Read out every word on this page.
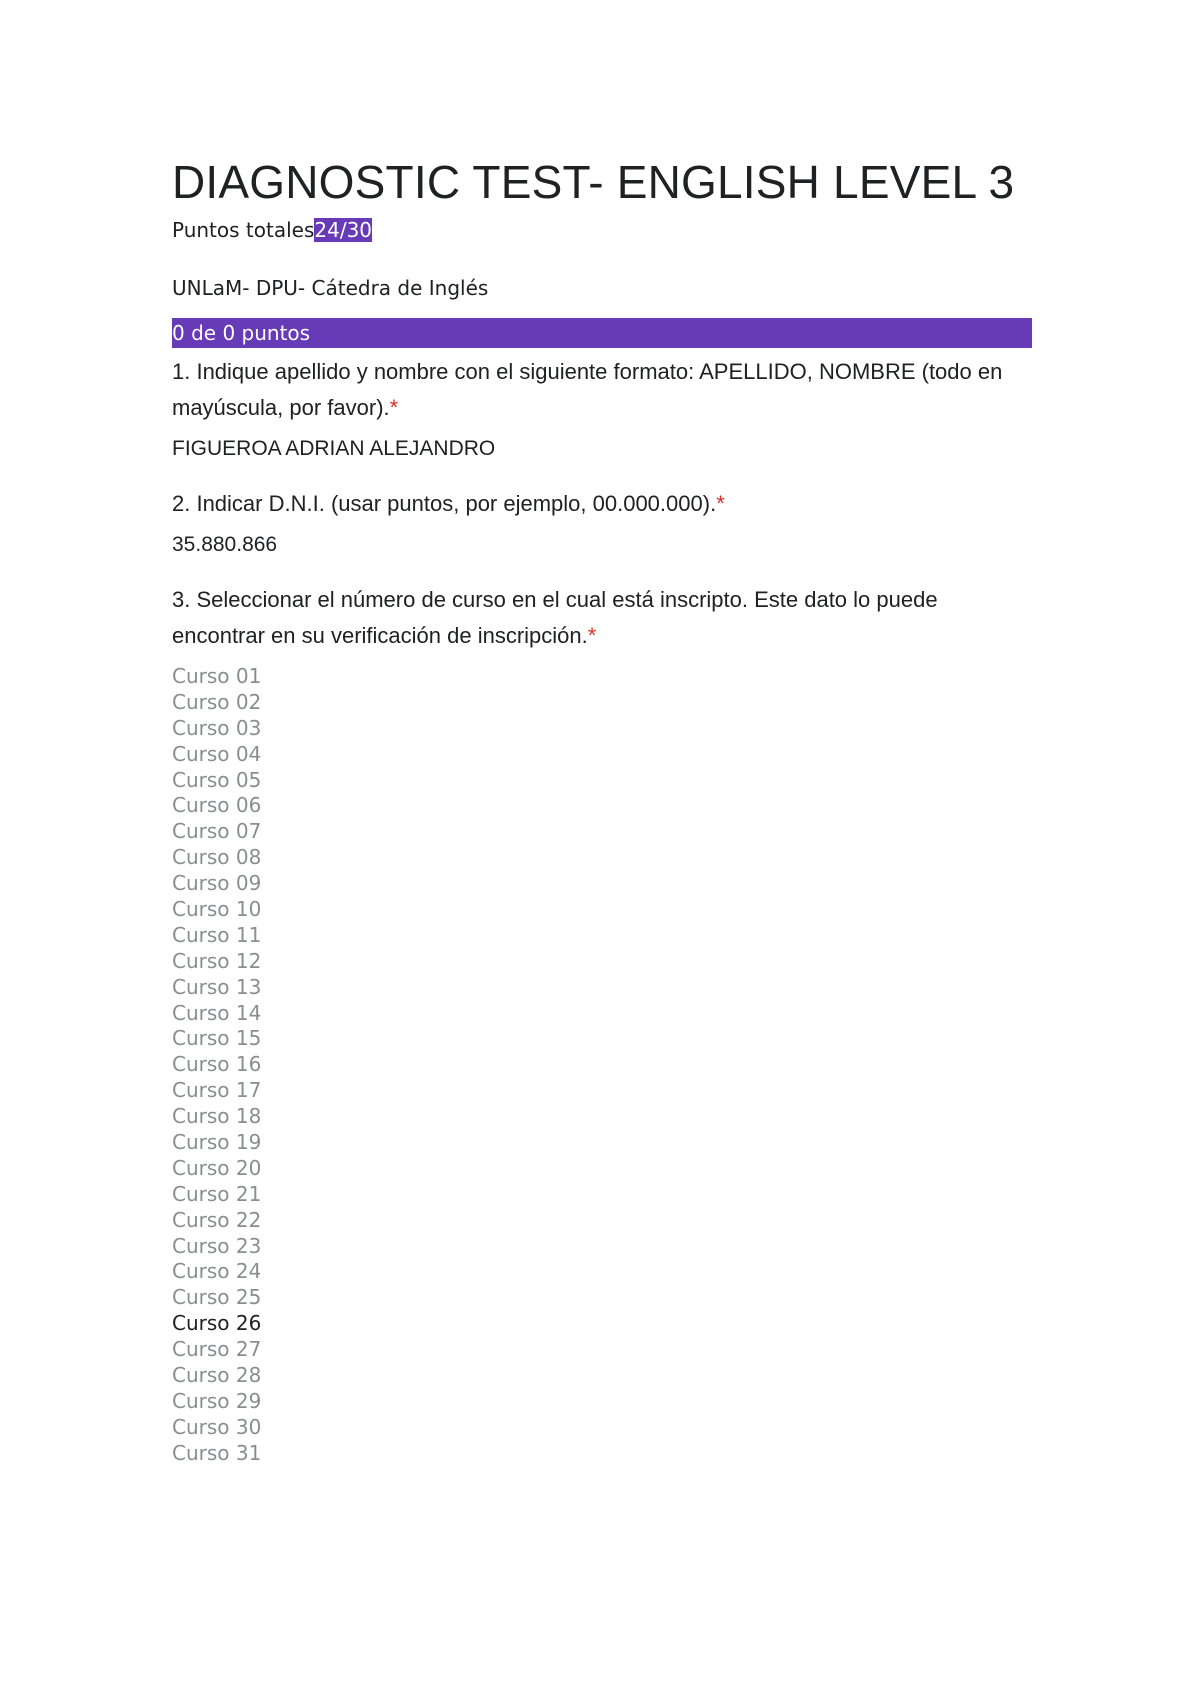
DIAGNOSTIC TEST- ENGLISH LEVEL 3
Puntos totales24/30
UNLaM- DPU- Cátedra de Inglés
0 de 0 puntos
1. Indique apellido y nombre con el siguiente formato: APELLIDO, NOMBRE (todo en mayúscula, por favor).*
FIGUEROA ADRIAN ALEJANDRO
2. Indicar D.N.I. (usar puntos, por ejemplo, 00.000.000).*
35.880.866
3. Seleccionar el número de curso en el cual está inscripto. Este dato lo puede encontrar en su verificación de inscripción.*
Curso 01
Curso 02
Curso 03
Curso 04
Curso 05
Curso 06
Curso 07
Curso 08
Curso 09
Curso 10
Curso 11
Curso 12
Curso 13
Curso 14
Curso 15
Curso 16
Curso 17
Curso 18
Curso 19
Curso 20
Curso 21
Curso 22
Curso 23
Curso 24
Curso 25
Curso 26
Curso 27
Curso 28
Curso 29
Curso 30
Curso 31
